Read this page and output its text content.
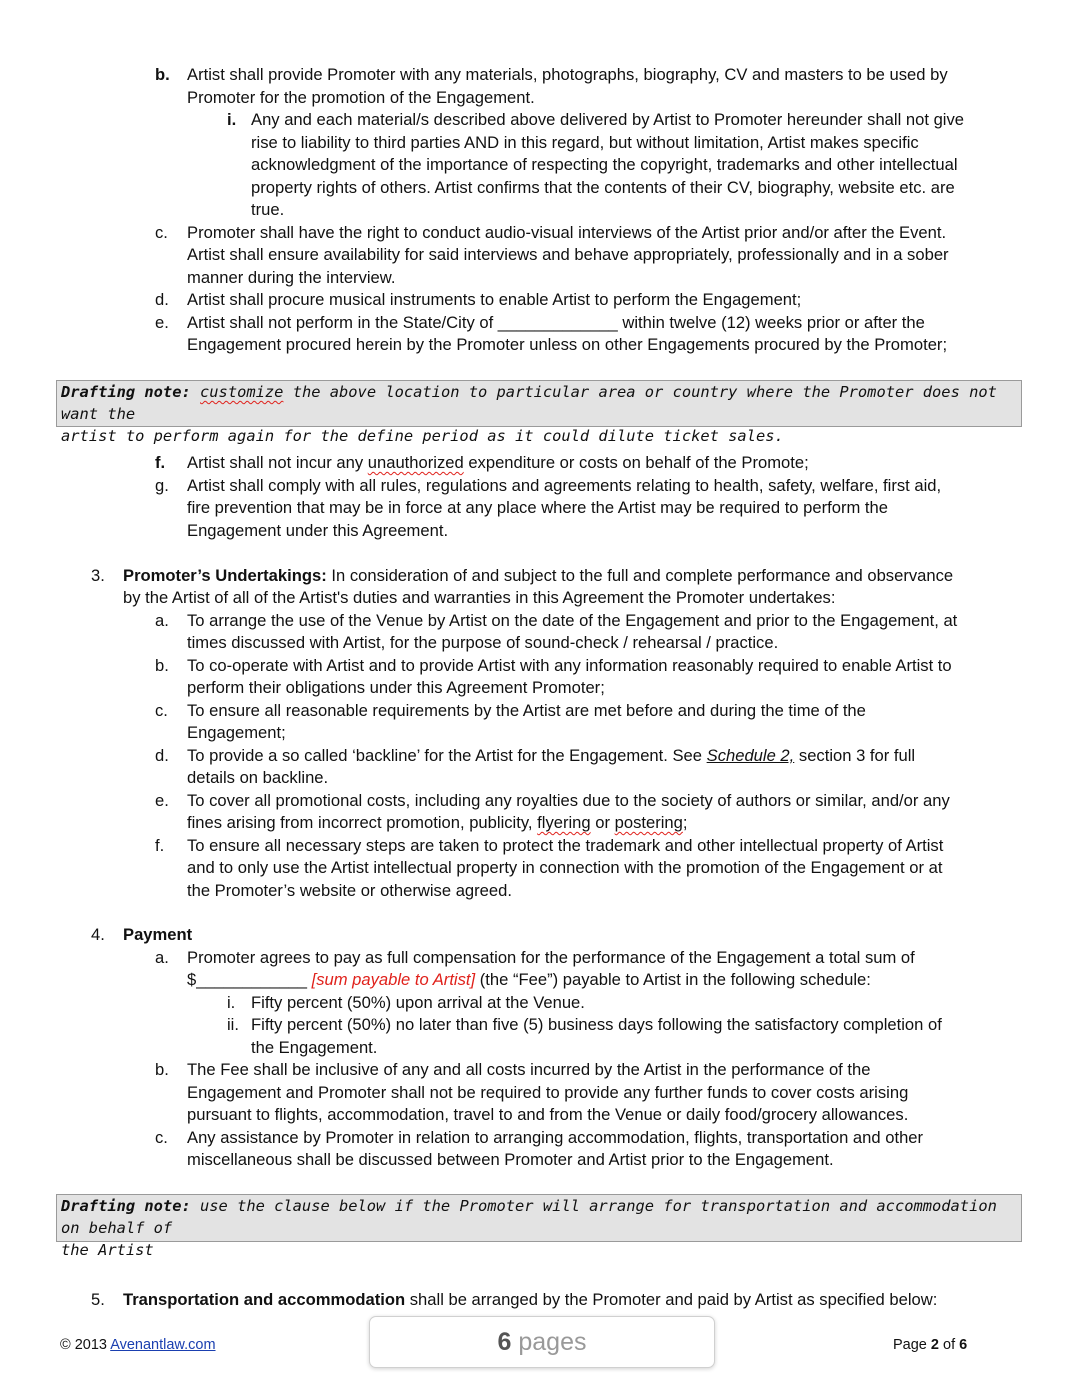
b. Artist shall provide Promoter with any materials, photographs, biography, CV and masters to be used by
Promoter for the promotion of the Engagement.
i. Any and each material/s described above delivered by Artist to Promoter hereunder shall not give
rise to liability to third parties AND in this regard, but without limitation, Artist makes specific
acknowledgment of the importance of respecting the copyright, trademarks and other intellectual
property rights of others. Artist confirms that the contents of their CV, biography, website etc. are
true.
c. Promoter shall have the right to conduct audio-visual interviews of the Artist prior and/or after the Event.
Artist shall ensure availability for said interviews and behave appropriately, professionally and in a sober
manner during the interview.
d. Artist shall procure musical instruments to enable Artist to perform the Engagement;
e. Artist shall not perform in the State/City of _____________ within twelve (12) weeks prior or after the
Engagement procured herein by the Promoter unless on other Engagements procured by the Promoter;
Drafting note: customize the above location to particular area or country where the Promoter does not want the
artist to perform again for the define period as it could dilute ticket sales.
f. Artist shall not incur any unauthorized expenditure or costs on behalf of the Promote;
g. Artist shall comply with all rules, regulations and agreements relating to health, safety, welfare, first aid,
fire prevention that may be in force at any place where the Artist may be required to perform the
Engagement under this Agreement.
3. Promoter’s Undertakings: In consideration of and subject to the full and complete performance and observance
by the Artist of all of the Artist's duties and warranties in this Agreement the Promoter undertakes:
a. To arrange the use of the Venue by Artist on the date of the Engagement and prior to the Engagement, at
times discussed with Artist, for the purpose of sound-check / rehearsal / practice.
b. To co-operate with Artist and to provide Artist with any information reasonably required to enable Artist to
perform their obligations under this Agreement Promoter;
c. To ensure all reasonable requirements by the Artist are met before and during the time of the
Engagement;
d. To provide a so called ‘backline’ for the Artist for the Engagement. See Schedule 2, section 3 for full
details on backline.
e. To cover all promotional costs, including any royalties due to the society of authors or similar, and/or any
fines arising from incorrect promotion, publicity, flyering or postering;
f. To ensure all necessary steps are taken to protect the trademark and other intellectual property of Artist
and to only use the Artist intellectual property in connection with the promotion of the Engagement or at
the Promoter’s website or otherwise agreed.
4. Payment
a. Promoter agrees to pay as full compensation for the performance of the Engagement a total sum of
$____________ [sum payable to Artist] (the “Fee”) payable to Artist in the following schedule:
i. Fifty percent (50%) upon arrival at the Venue.
ii. Fifty percent (50%) no later than five (5) business days following the satisfactory completion of
the Engagement.
b. The Fee shall be inclusive of any and all costs incurred by the Artist in the performance of the
Engagement and Promoter shall not be required to provide any further funds to cover costs arising
pursuant to flights, accommodation, travel to and from the Venue or daily food/grocery allowances.
c. Any assistance by Promoter in relation to arranging accommodation, flights, transportation and other
miscellaneous shall be discussed between Promoter and Artist prior to the Engagement.
Drafting note: use the clause below if the Promoter will arrange for transportation and accommodation on behalf of
the Artist
5. Transportation and accommodation shall be arranged by the Promoter and paid by Artist as specified below:
© 2013 Avenantlaw.com	6 pages	Page 2 of 6
